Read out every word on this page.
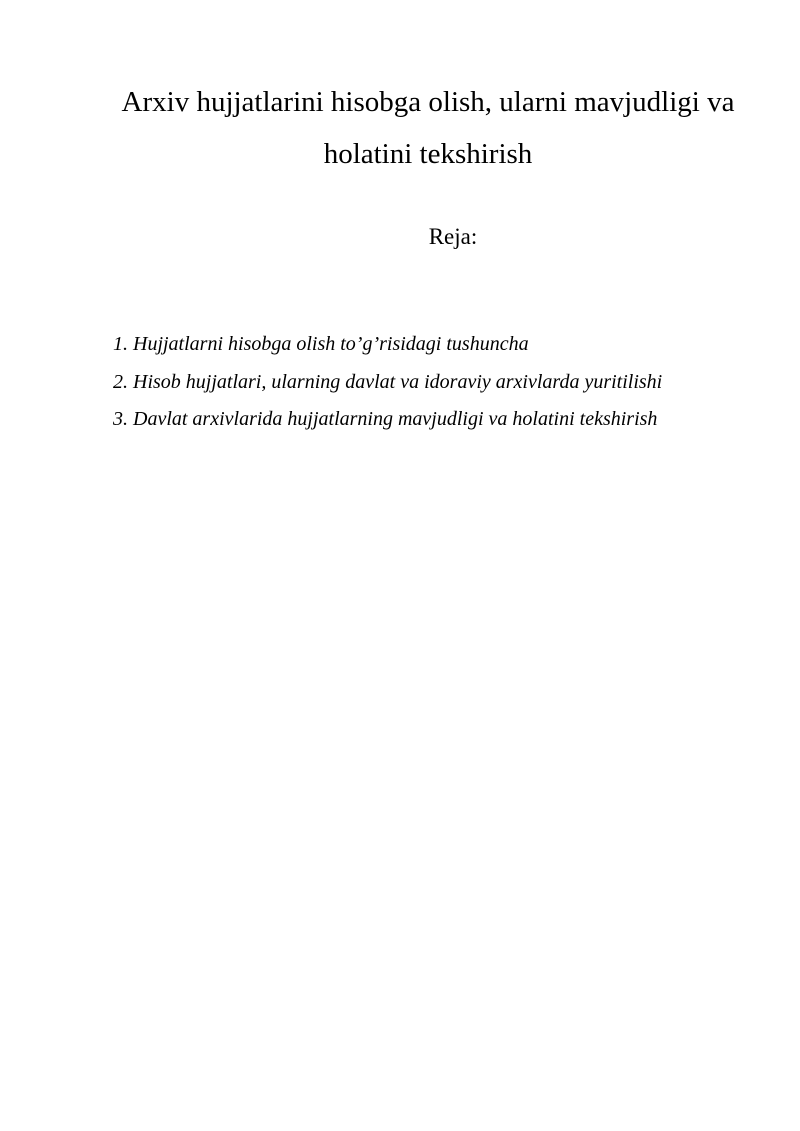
Arxiv hujjatlarini hisobga olish, ularni mavjudligi va
holatini tekshirish
Reja:
1. Hujjatlarni hisobga olish to’g’risidagi tushuncha
2. Hisob hujjatlari, ularning davlat va idoraviy arxivlarda yuritilishi
3. Davlat arxivlarida hujjatlarning mavjudligi va holatini tekshirish
